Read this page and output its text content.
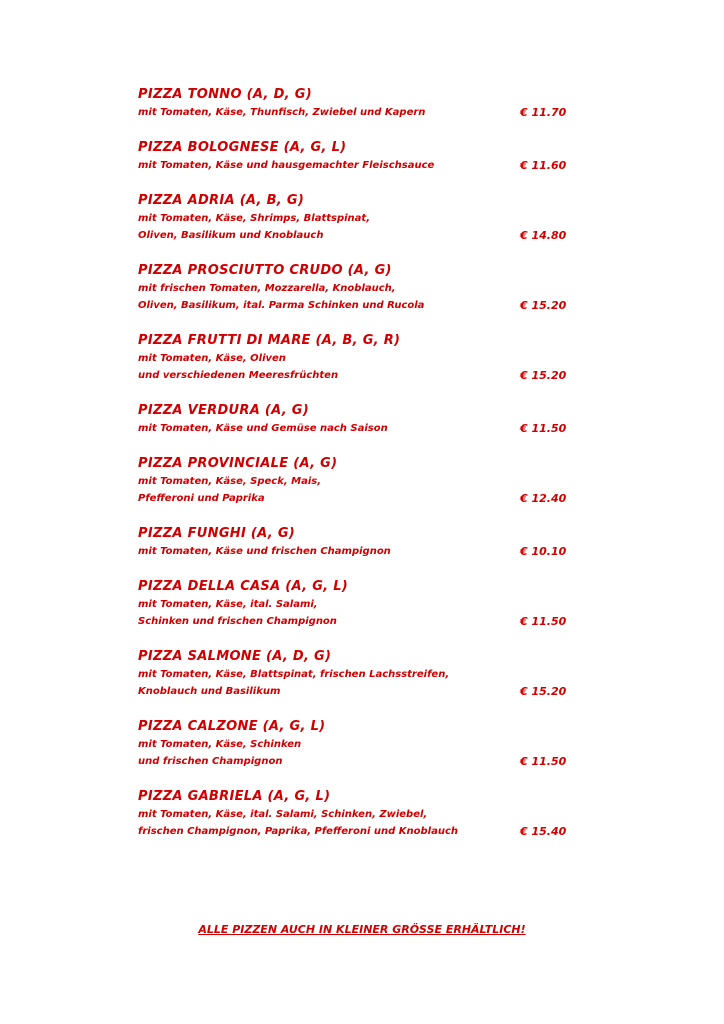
PIZZA TONNO (A, D, G)
mit Tomaten, Käse, Thunfisch, Zwiebel und Kapern	€ 11.70
PIZZA BOLOGNESE (A, G, L)
mit Tomaten, Käse und hausgemachter Fleischsauce	€ 11.60
PIZZA ADRIA (A, B, G)
mit Tomaten, Käse, Shrimps, Blattspinat,
Oliven, Basilikum und Knoblauch	€ 14.80
PIZZA PROSCIUTTO CRUDO (A, G)
mit frischen Tomaten, Mozzarella, Knoblauch,
Oliven, Basilikum, ital. Parma Schinken und Rucola	€ 15.20
PIZZA FRUTTI DI MARE (A, B, G, R)
mit Tomaten, Käse, Oliven
und verschiedenen Meeresfrüchten	€ 15.20
PIZZA VERDURA (A, G)
mit Tomaten, Käse und Gemüse nach Saison	€ 11.50
PIZZA PROVINCIALE (A, G)
mit Tomaten, Käse, Speck, Mais,
Pfefferoni und Paprika	€ 12.40
PIZZA FUNGHI (A, G)
mit Tomaten, Käse und frischen Champignon	€ 10.10
PIZZA DELLA CASA (A, G, L)
mit Tomaten, Käse, ital. Salami,
Schinken und frischen Champignon	€ 11.50
PIZZA SALMONE (A, D, G)
mit Tomaten, Käse, Blattspinat, frischen Lachsstreifen,
Knoblauch und Basilikum	€ 15.20
PIZZA CALZONE (A, G, L)
mit Tomaten, Käse, Schinken
und frischen Champignon	€ 11.50
PIZZA GABRIELA (A, G, L)
mit Tomaten, Käse, ital. Salami, Schinken, Zwiebel,
frischen Champignon, Paprika, Pfefferoni und Knoblauch	€ 15.40
ALLE PIZZEN AUCH IN KLEINER GRÖSSE ERHÄLTLICH!
